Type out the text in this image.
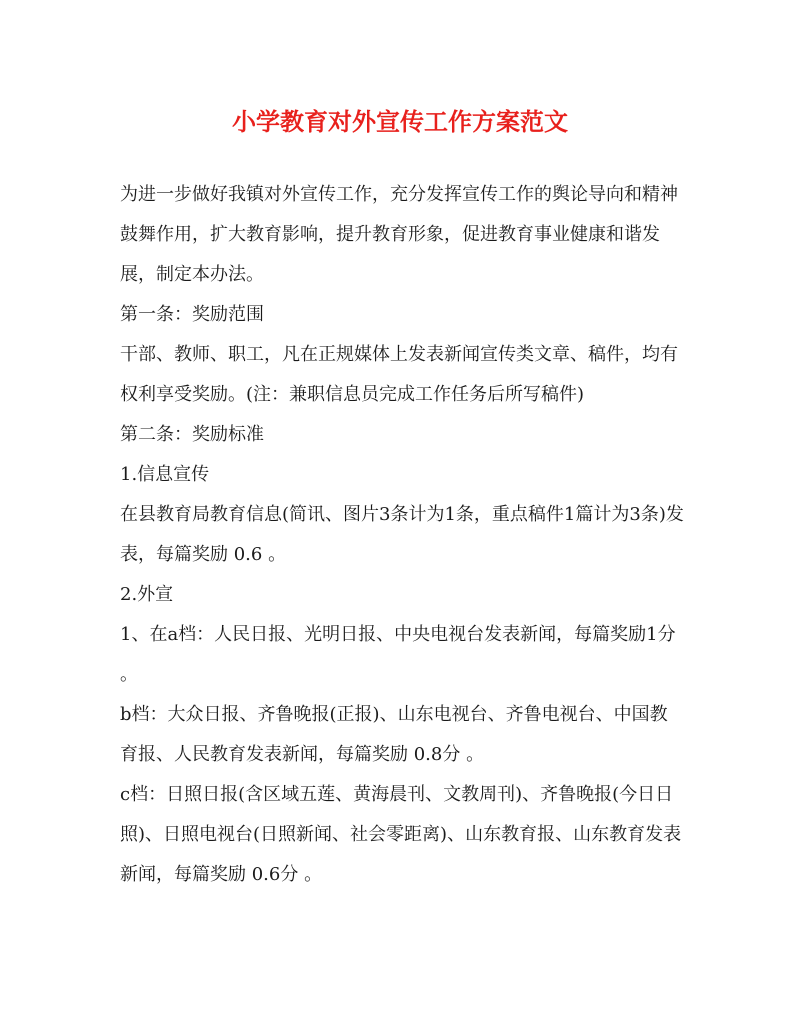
小学教育对外宣传工作方案范文

为进一步做好我镇对外宣传工作，充分发挥宣传工作的舆论导向和精神鼓舞作用，扩大教育影响，提升教育形象，促进教育事业健康和谐发展，制定本办法。

第一条：奖励范围

干部、教师、职工，凡在正规媒体上发表新闻宣传类文章、稿件，均有权利享受奖励。(注：兼职信息员完成工作任务后所写稿件)

第二条：奖励标准

1.信息宣传

在县教育局教育信息(简讯、图片3条计为1条，重点稿件1篇计为3条)发表，每篇奖励 0.6 。

2.外宣

1、在a档：人民日报、光明日报、中央电视台发表新闻，每篇奖励1分 。

b档：大众日报、齐鲁晚报(正报)、山东电视台、齐鲁电视台、中国教育报、人民教育发表新闻，每篇奖励 0.8分 。

c档：日照日报(含区域五莲、黄海晨刊、文教周刊)、齐鲁晚报(今日日照)、日照电视台(日照新闻、社会零距离)、山东教育报、山东教育发表新闻，每篇奖励 0.6分 。
